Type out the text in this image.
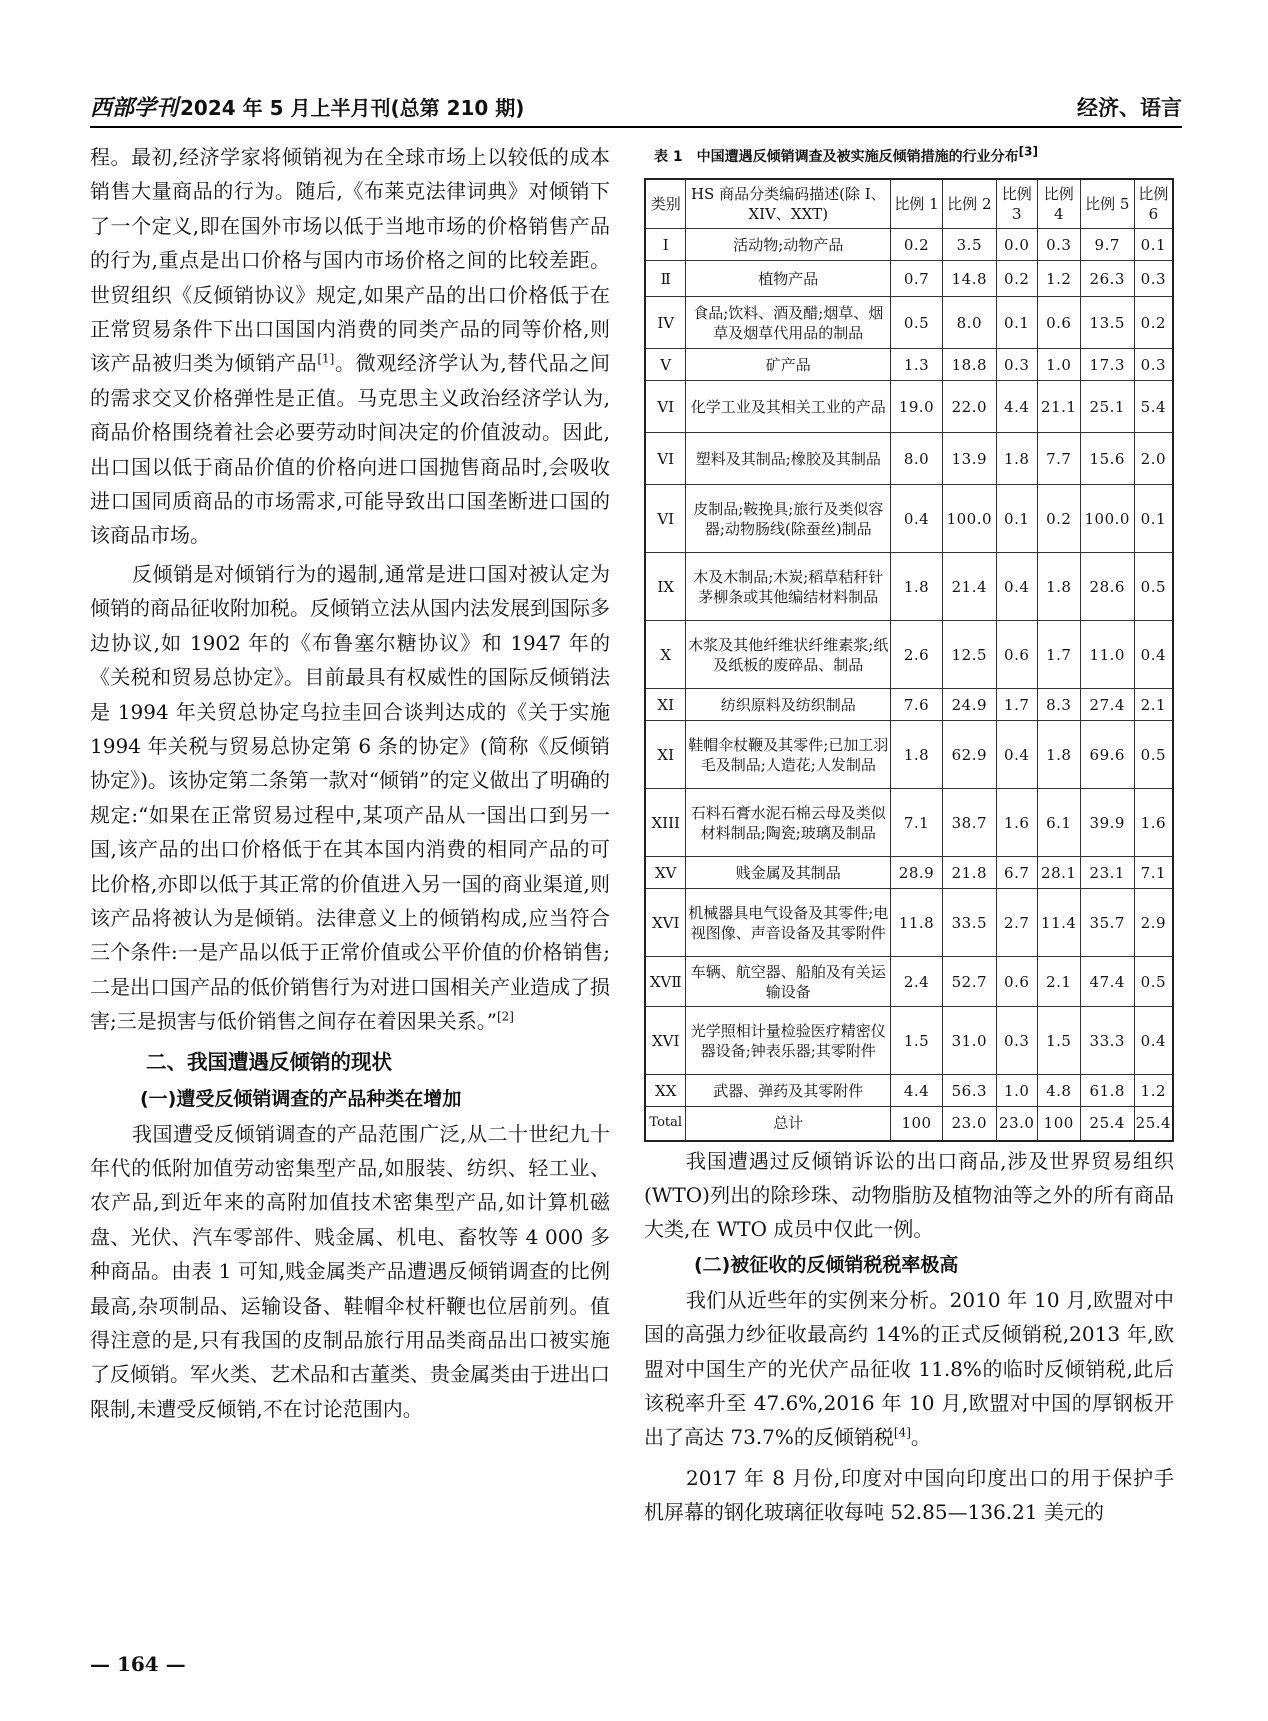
西部学刊 2024 年 5 月上半月刊(总第 210 期)	经济、语言

程。最初,经济学家将倾销视为在全球市场上以较低的成本销售大量商品的行为。随后,《布莱克法律词典》对倾销下了一个定义,即在国外市场以低于当地市场的价格销售产品的行为,重点是出口价格与国内市场价格之间的比较差距。世贸组织《反倾销协议》规定,如果产品的出口价格低于在正常贸易条件下出口国国内消费的同类产品的同等价格,则该产品被归类为倾销产品[1]。微观经济学认为,替代品之间的需求交叉价格弹性是正值。马克思主义政治经济学认为,商品价格围绕着社会必要劳动时间决定的价值波动。因此,出口国以低于商品价值的价格向进口国抛售商品时,会吸收进口国同质商品的市场需求,可能导致出口国垄断进口国的该商品市场。

反倾销是对倾销行为的遏制,通常是进口国对被认定为倾销的商品征收附加税。反倾销立法从国内法发展到国际多边协议,如 1902 年的《布鲁塞尔糖协议》和 1947 年的《关税和贸易总协定》。目前最具有权威性的国际反倾销法是 1994 年关贸总协定乌拉圭回合谈判达成的《关于实施 1994 年关税与贸易总协定第 6 条的协定》(简称《反倾销协定》)。该协定第二条第一款对“倾销”的定义做出了明确的规定:“如果在正常贸易过程中,某项产品从一国出口到另一国,该产品的出口价格低于在其本国内消费的相同产品的可比价格,亦即以低于其正常的价值进入另一国的商业渠道,则该产品将被认为是倾销。法律意义上的倾销构成,应当符合三个条件:一是产品以低于正常价值或公平价值的价格销售;二是出口国产品的低价销售行为对进口国相关产业造成了损害;三是损害与低价销售之间存在着因果关系。”[2]

二、我国遭遇反倾销的现状
(一)遭受反倾销调查的产品种类在增加

我国遭受反倾销调查的产品范围广泛,从二十世纪九十年代的低附加值劳动密集型产品,如服装、纺织、轻工业、农产品,到近年来的高附加值技术密集型产品,如计算机磁盘、光伏、汽车零部件、贱金属、机电、畜牧等 4 000 多种商品。由表 1 可知,贱金属类产品遭遇反倾销调查的比例最高,杂项制品、运输设备、鞋帽伞杖杆鞭也位居前列。值得注意的是,只有我国的皮制品旅行用品类商品出口被实施了反倾销。军火类、艺术品和古董类、贵金属类由于进出口限制,未遭受反倾销,不在讨论范围内。

表 1 中国遭遇反倾销调查及被实施反倾销措施的行业分布[3]
类别	HS 商品分类编码描述(除 I、XIV、XXT)	比例 1	比例 2	比例 3	比例 4	比例 5	比例 6
I	活动物;动物产品	0.2	3.5	0.0	0.3	9.7	0.1
Ⅱ	植物产品	0.7	14.8	0.2	1.2	26.3	0.3
IV	食品;饮料、酒及醋;烟草、烟草及烟草代用品的制品	0.5	8.0	0.1	0.6	13.5	0.2
V	矿产品	1.3	18.8	0.3	1.0	17.3	0.3
VI	化学工业及其相关工业的产品	19.0	22.0	4.4	21.1	25.1	5.4
VI	塑料及其制品;橡胶及其制品	8.0	13.9	1.8	7.7	15.6	2.0
VI	皮制品;鞍挽具;旅行及类似容器;动物肠线(除蚕丝)制品	0.4	100.0	0.1	0.2	100.0	0.1
IX	木及木制品;木炭;稻草秸秆针茅柳条或其他编结材料制品	1.8	21.4	0.4	1.8	28.6	0.5
X	木浆及其他纤维状纤维素浆;纸及纸板的废碎品、制品	2.6	12.5	0.6	1.7	11.0	0.4
XI	纺织原料及纺织制品	7.6	24.9	1.7	8.3	27.4	2.1
XI	鞋帽伞杖鞭及其零件;已加工羽毛及制品;人造花;人发制品	1.8	62.9	0.4	1.8	69.6	0.5
XIII	石料石膏水泥石棉云母及类似材料制品;陶瓷;玻璃及制品	7.1	38.7	1.6	6.1	39.9	1.6
XV	贱金属及其制品	28.9	21.8	6.7	28.1	23.1	7.1
XVI	机械器具电气设备及其零件;电视图像、声音设备及其零附件	11.8	33.5	2.7	11.4	35.7	2.9
XVⅡ	车辆、航空器、船舶及有关运输设备	2.4	52.7	0.6	2.1	47.4	0.5
XVI	光学照相计量检验医疗精密仪器设备;钟表乐器;其零附件	1.5	31.0	0.3	1.5	33.3	0.4
XX	武器、弹药及其零附件	4.4	56.3	1.0	4.8	61.8	1.2
Total	总计	100	23.0	23.0	100	25.4	25.4

我国遭遇过反倾销诉讼的出口商品,涉及世界贸易组织(WTO)列出的除珍珠、动物脂肪及植物油等之外的所有商品大类,在 WTO 成员中仅此一例。

(二)被征收的反倾销税税率极高

我们从近些年的实例来分析。2010 年 10 月,欧盟对中国的高强力纱征收最高约 14%的正式反倾销税,2013 年,欧盟对中国生产的光伏产品征收 11.8%的临时反倾销税,此后该税率升至 47.6%,2016 年 10 月,欧盟对中国的厚钢板开出了高达 73.7%的反倾销税[4]。

2017 年 8 月份,印度对中国向印度出口的用于保护手机屏幕的钢化玻璃征收每吨 52.85—136.21 美元的

— 164 —
